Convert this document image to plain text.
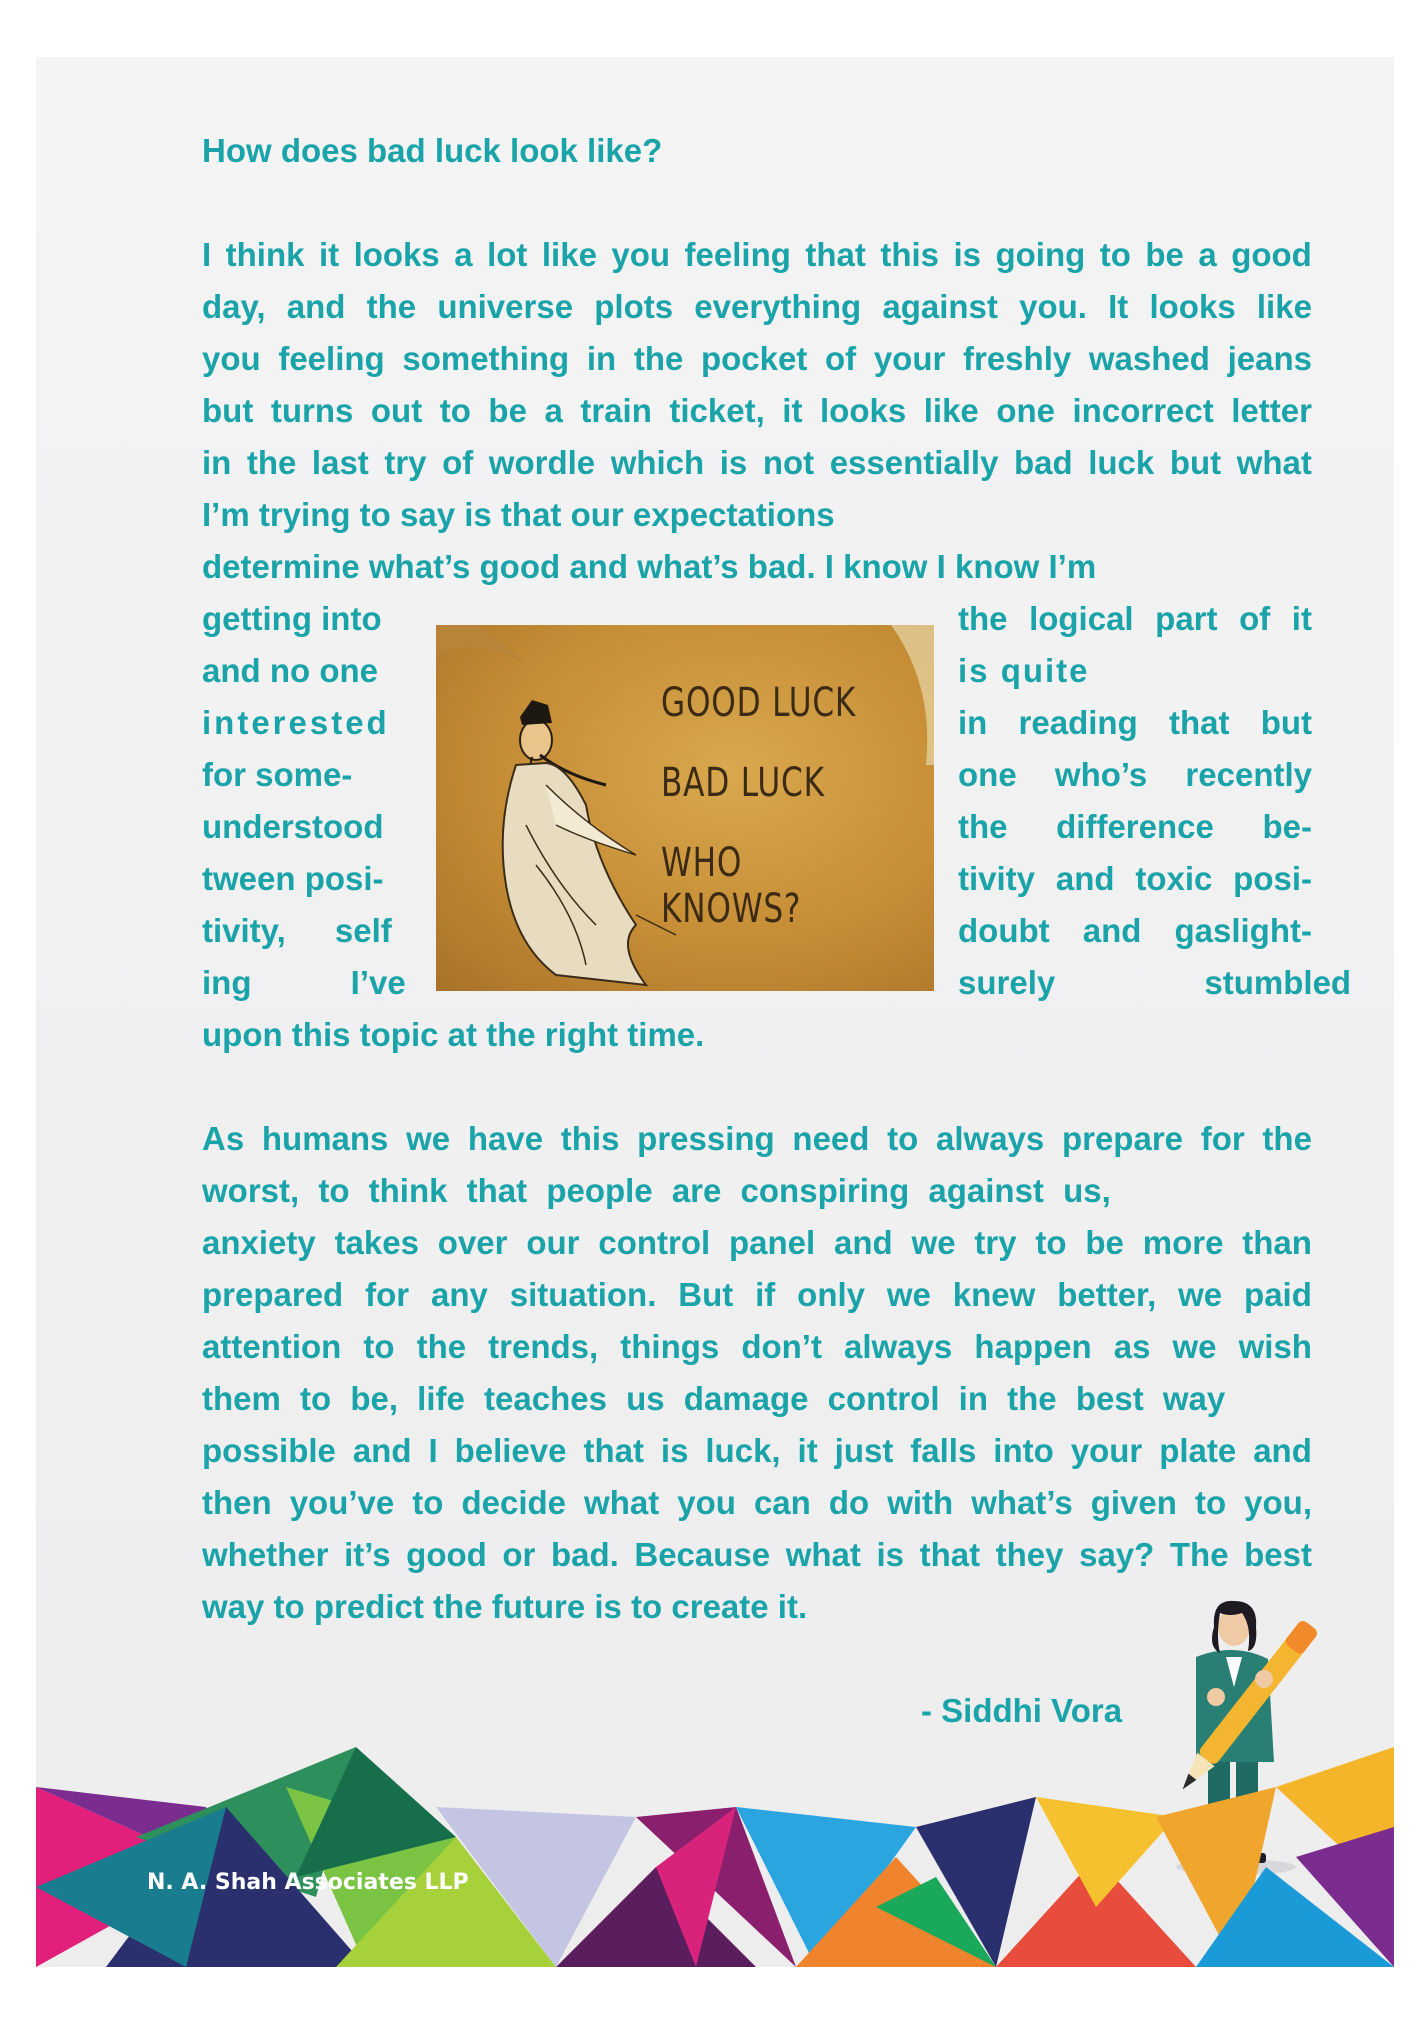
How does bad luck look like?

I think it looks a lot like you feeling that this is going to be a good
day, and the universe plots everything against you. It looks like
you feeling something in the pocket of your freshly washed jeans
but turns out to be a train ticket, it looks like one incorrect letter
in the last try of wordle which is not essentially bad luck but what
I’m trying to say is that our expectations
determine what’s good and what’s bad. I know I know I’m
getting into
and no one
interested
for some-
understood
tween posi-
tivity, self
ing I’ve
GOOD LUCK
BAD LUCK
WHO KNOWS?
the logical part of it
is quite
in reading that but
one who’s recently
the difference be-
tivity and toxic posi-
doubt and gaslight-
surely stumbled

upon this topic at the right time.

As humans we have this pressing need to always prepare for the
worst, to think that people are conspiring against us,
anxiety takes over our control panel and we try to be more than
prepared for any situation. But if only we knew better, we paid
attention to the trends, things don’t always happen as we wish
them to be, life teaches us damage control in the best way
possible and I believe that is luck, it just falls into your plate and
then you’ve to decide what you can do with what’s given to you,
whether it’s good or bad. Because what is that they say? The best
way to predict the future is to create it.
- Siddhi Vora
N. A. Shah Associates LLP
